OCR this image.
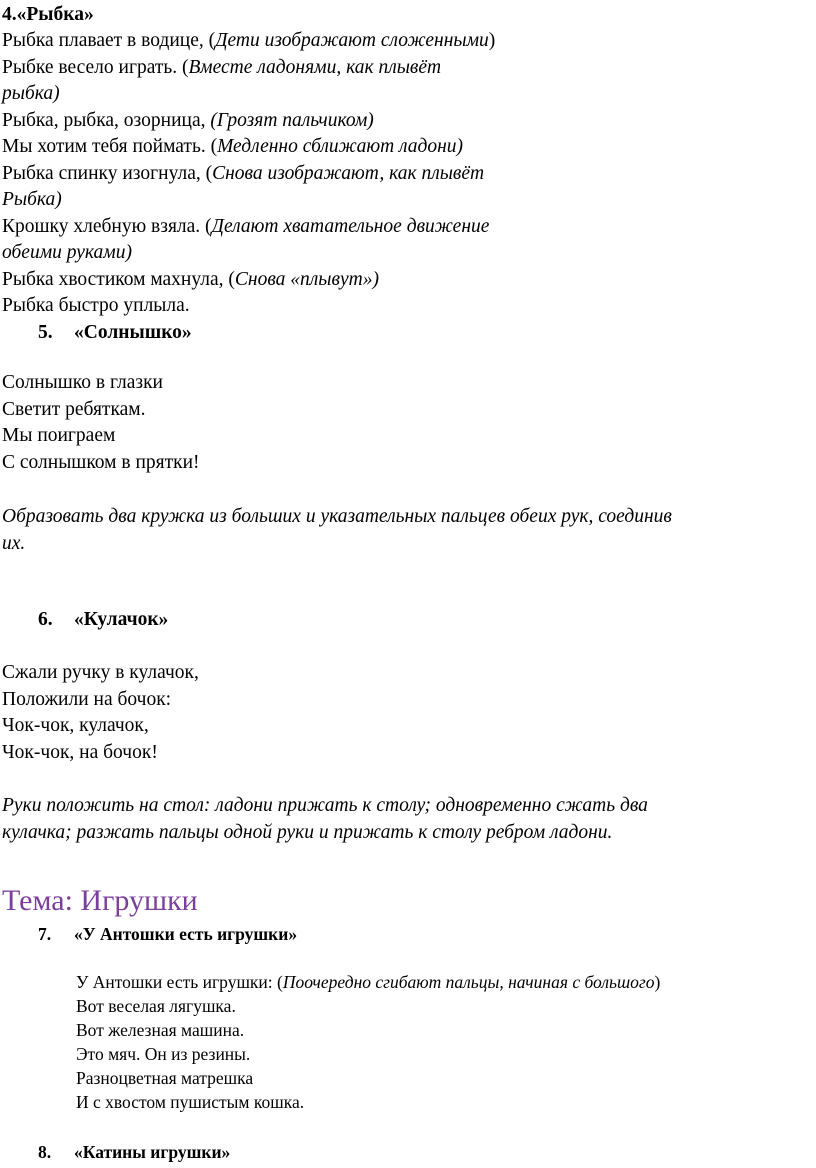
4.«Рыбка»
Рыбка плавает в водице, (Дети изображают сложенными)
Рыбке весело играть. (Вместе ладонями, как плывёт
рыбка)
Рыбка, рыбка, озорница, (Грозят пальчиком)
Мы хотим тебя поймать. (Медленно сближают ладони)
Рыбка спинку изогнула, (Снова изображают, как плывёт
Рыбка)
Крошку хлебную взяла. (Делают хватательное движение
обеими руками)
Рыбка хвостиком махнула, (Снова «плывут»)
Рыбка быстро уплыла.
5. «Солнышко»
Солнышко в глазки
Светит ребяткам.
Мы поиграем
С солнышком в прятки!
Образовать два кружка из больших и указательных пальцев обеих рук, соединив
их.
6. «Кулачок»
Сжали ручку в кулачок,
Положили на бочок:
Чок-чок, кулачок,
Чок-чок, на бочок!
Руки положить на стол: ладони прижать к столу; одновременно сжать два
кулачка; разжать пальцы одной руки и прижать к столу ребром ладони.
Тема: Игрушки
7. «У Антошки есть игрушки»
У Антошки есть игрушки: (Поочередно сгибают пальцы, начиная с большого)
Вот веселая лягушка.
Вот железная машина.
Это мяч. Он из резины.
Разноцветная матрешка
И с хвостом пушистым кошка.
8. «Катины игрушки»
